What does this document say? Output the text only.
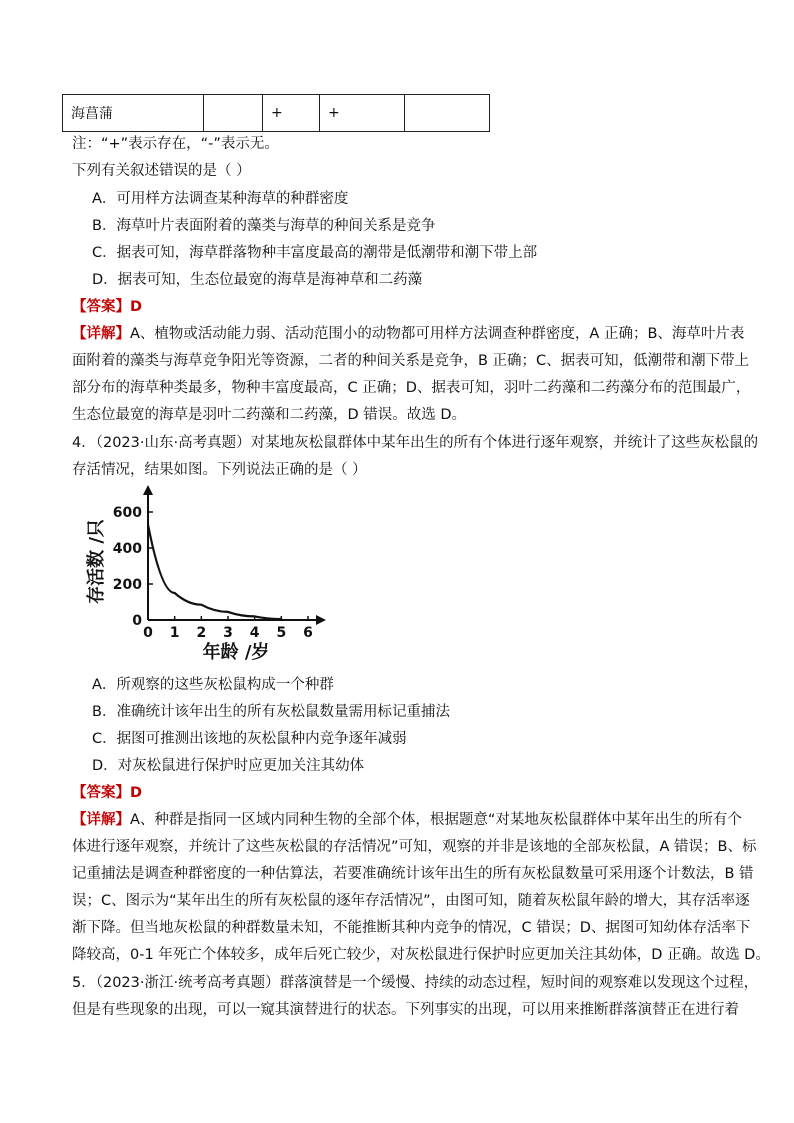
海菖蒲		+	+	
注：“+”表示存在，“-”表示无。
下列有关叙述错误的是（ ）
A．可用样方法调查某种海草的种群密度
B．海草叶片表面附着的藻类与海草的种间关系是竞争
C．据表可知，海草群落物种丰富度最高的潮带是低潮带和潮下带上部
D．据表可知，生态位最宽的海草是海神草和二药藻
【答案】D
【详解】A、植物或活动能力弱、活动范围小的动物都可用样方法调查种群密度，A 正确；B、海草叶片表
面附着的藻类与海草竞争阳光等资源，二者的种间关系是竞争，B 正确；C、据表可知，低潮带和潮下带上
部分布的海草种类最多，物种丰富度最高，C 正确；D、据表可知，羽叶二药藻和二药藻分布的范围最广，
生态位最宽的海草是羽叶二药藻和二药藻，D 错误。故选 D。
4．（2023·山东·高考真题）对某地灰松鼠群体中某年出生的所有个体进行逐年观察，并统计了这些灰松鼠的
存活情况，结果如图。下列说法正确的是（ ）
0
200
400
600
0 1 2 3 4 5 6
存活数 /只
年龄 /岁
A．所观察的这些灰松鼠构成一个种群
B．准确统计该年出生的所有灰松鼠数量需用标记重捕法
C．据图可推测出该地的灰松鼠种内竞争逐年减弱
D．对灰松鼠进行保护时应更加关注其幼体
【答案】D
【详解】A、种群是指同一区域内同种生物的全部个体，根据题意“对某地灰松鼠群体中某年出生的所有个
体进行逐年观察，并统计了这些灰松鼠的存活情况”可知，观察的并非是该地的全部灰松鼠，A 错误；B、标
记重捕法是调查种群密度的一种估算法，若要准确统计该年出生的所有灰松鼠数量可采用逐个计数法，B 错
误；C、图示为“某年出生的所有灰松鼠的逐年存活情况”，由图可知，随着灰松鼠年龄的增大，其存活率逐
渐下降。但当地灰松鼠的种群数量未知，不能推断其种内竞争的情况，C 错误；D、据图可知幼体存活率下
降较高，0-1 年死亡个体较多，成年后死亡较少，对灰松鼠进行保护时应更加关注其幼体，D 正确。故选 D。
5．（2023·浙江·统考高考真题）群落演替是一个缓慢、持续的动态过程，短时间的观察难以发现这个过程，
但是有些现象的出现，可以一窥其演替进行的状态。下列事实的出现，可以用来推断群落演替正在进行着
